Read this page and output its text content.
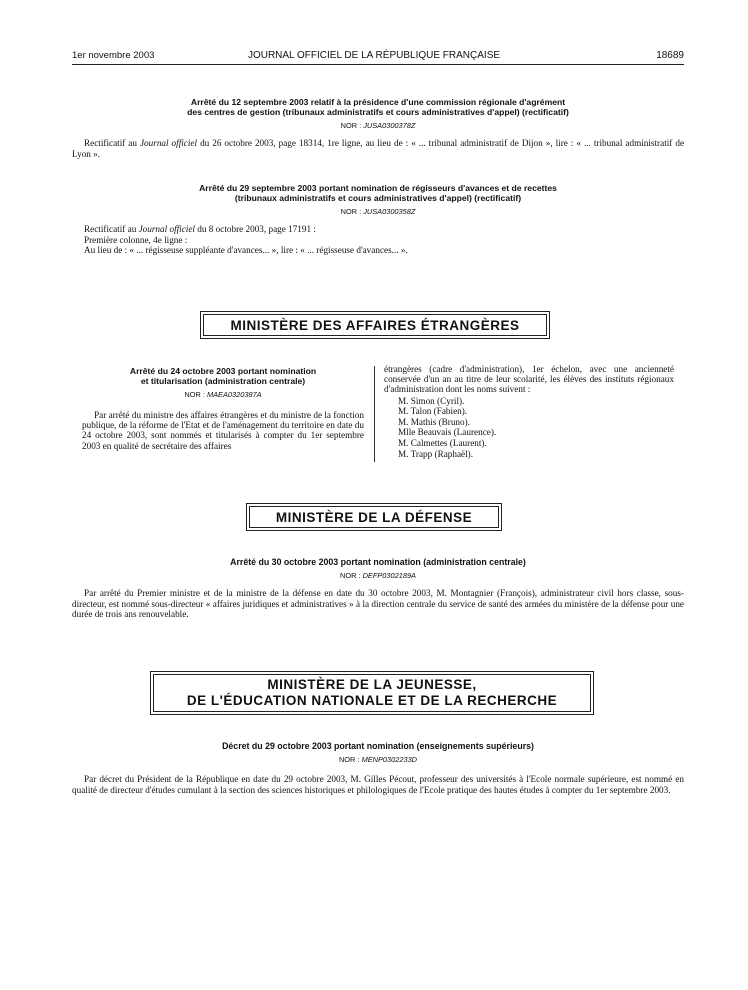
1er novembre 2003	JOURNAL OFFICIEL DE LA RÉPUBLIQUE FRANÇAISE	18689
Arrêté du 12 septembre 2003 relatif à la présidence d'une commission régionale d'agrément
des centres de gestion (tribunaux administratifs et cours administratives d'appel) (rectificatif)
NOR : JUSA0300378Z
Rectificatif au Journal officiel du 26 octobre 2003, page 18314, 1re ligne, au lieu de : « ... tribunal administratif de Dijon », lire : « ... tribunal administratif de Lyon ».
Arrêté du 29 septembre 2003 portant nomination de régisseurs d'avances et de recettes
(tribunaux administratifs et cours administratives d'appel) (rectificatif)
NOR : JUSA0300358Z
Rectificatif au Journal officiel du 8 octobre 2003, page 17191 :
Première colonne, 4e ligne :
Au lieu de : « ... régisseuse suppléante d'avances... », lire : « ... régisseuse d'avances... ».
MINISTÈRE DES AFFAIRES ÉTRANGÈRES
Arrêté du 24 octobre 2003 portant nomination
et titularisation (administration centrale)
NOR : MAEA0320387A
Par arrêté du ministre des affaires étrangères et du ministre de la fonction publique, de la réforme de l'Etat et de l'aménagement du territoire en date du 24 octobre 2003, sont nommés et titularisés à compter du 1er septembre 2003 en qualité de secrétaire des affaires
étrangères (cadre d'administration), 1er échelon, avec une ancienneté conservée d'un an au titre de leur scolarité, les élèves des instituts régionaux d'administration dont les noms suivent :
M. Simon (Cyril).
M. Talon (Fabien).
M. Mathis (Bruno).
Mlle Beauvais (Laurence).
M. Calmettes (Laurent).
M. Trapp (Raphaël).
MINISTÈRE DE LA DÉFENSE
Arrêté du 30 octobre 2003 portant nomination (administration centrale)
NOR : DEFP0302189A
Par arrêté du Premier ministre et de la ministre de la défense en date du 30 octobre 2003, M. Montagnier (François), administrateur civil hors classe, sous-directeur, est nommé sous-directeur « affaires juridiques et administratives » à la direction centrale du service de santé des armées du ministère de la défense pour une durée de trois ans renouvelable.
MINISTÈRE DE LA JEUNESSE,
DE L'ÉDUCATION NATIONALE ET DE LA RECHERCHE
Décret du 29 octobre 2003 portant nomination (enseignements supérieurs)
NOR : MENP0302233D
Par décret du Président de la République en date du 29 octobre 2003, M. Gilles Pécout, professeur des universités à l'Ecole normale supérieure, est nommé en qualité de directeur d'études cumulant à la section des sciences historiques et philologiques de l'Ecole pratique des hautes études à compter du 1er septembre 2003.
